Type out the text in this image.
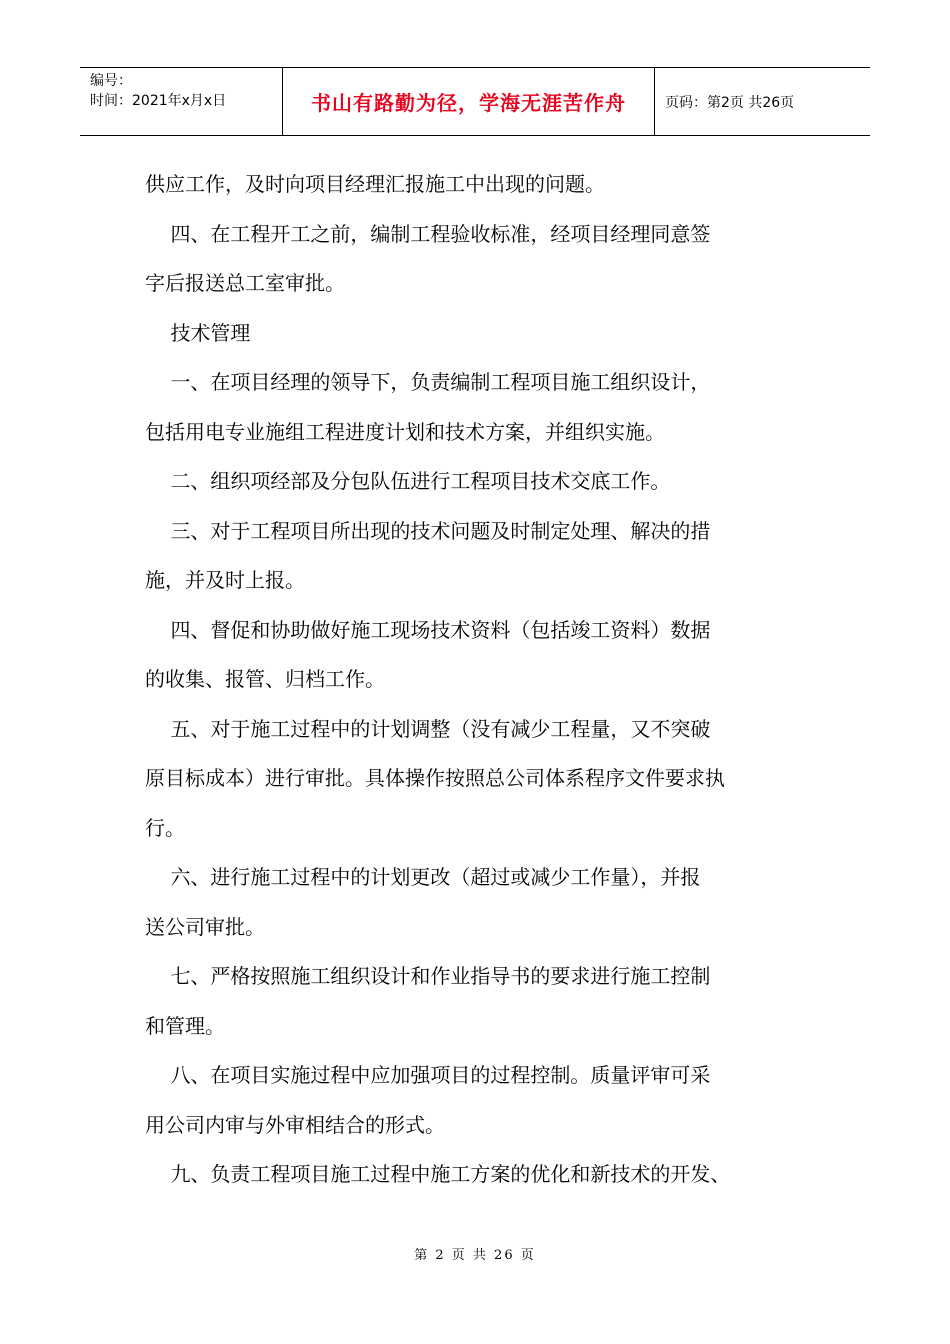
编号：
时间：2021年x月x日	书山有路勤为径，学海无涯苦作舟	页码：第2页 共26页

供应工作，及时向项目经理汇报施工中出现的问题。

四、在工程开工之前，编制工程验收标准，经项目经理同意签

字后报送总工室审批。

技术管理

一、在项目经理的领导下，负责编制工程项目施工组织设计，

包括用电专业施组工程进度计划和技术方案，并组织实施。

二、组织项经部及分包队伍进行工程项目技术交底工作。

三、对于工程项目所出现的技术问题及时制定处理、解决的措

施，并及时上报。

四、督促和协助做好施工现场技术资料（包括竣工资料）数据

的收集、报管、归档工作。

五、对于施工过程中的计划调整（没有减少工程量，又不突破

原目标成本）进行审批。具体操作按照总公司体系程序文件要求执

行。

六、进行施工过程中的计划更改（超过或减少工作量），并报

送公司审批。

七、严格按照施工组织设计和作业指导书的要求进行施工控制

和管理。

八、在项目实施过程中应加强项目的过程控制。质量评审可采

用公司内审与外审相结合的形式。

九、负责工程项目施工过程中施工方案的优化和新技术的开发、

第 2 页 共 26 页
